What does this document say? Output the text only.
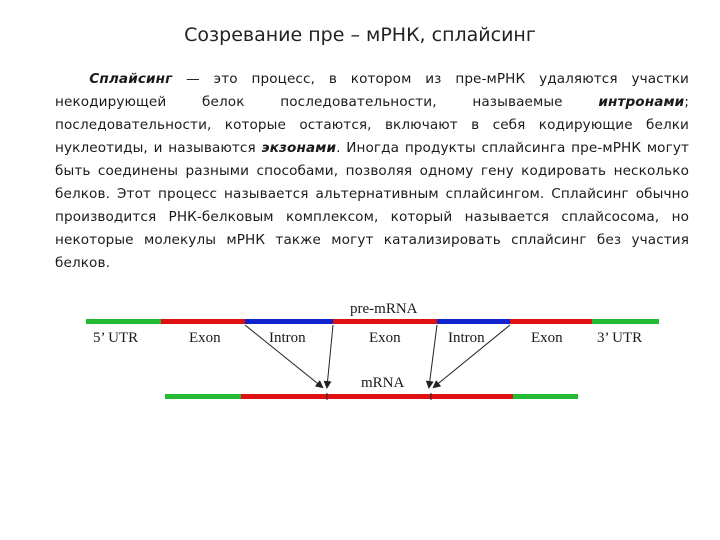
Созревание пре – мРНК, сплайсинг
   Сплайсинг — это процесс, в котором из пре-мРНК удаляются участки некодирующей белок последовательности, называемые интронами; последовательности, которые остаются, включают в себя кодирующие белки нуклеотиды, и называются экзонами. Иногда продукты сплайсинга пре-мРНК могут быть соединены разными способами, позволяя одному гену кодировать несколько белков. Этот процесс называется альтернативным сплайсингом. Сплайсинг обычно производится РНК-белковым комплексом, который называется сплайсосома, но некоторые молекулы мРНК также могут катализировать сплайсинг без участия белков.
pre-mRNA
5’ UTR	Exon	Intron	Exon	Intron	Exon 3’ UTR
mRNA
